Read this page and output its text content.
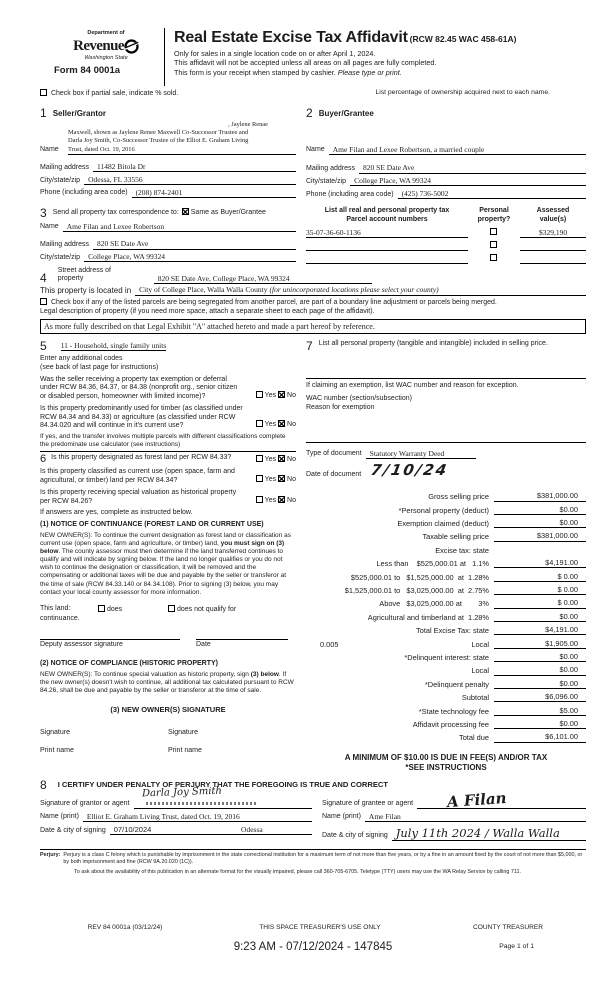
Department of
Revenue
Washington State
Form 84 0001a
Real Estate Excise Tax Affidavit (RCW 82.45 WAC 458-61A)
Only for sales in a single location code on or after April 1, 2024.
This affidavit will not be accepted unless all areas on all pages are fully completed.
This form is your receipt when stamped by cashier. Please type or print.
Check box if partial sale, indicate % sold.	List percentage of ownership acquired next to each name.
1 Seller/Grantor
Name
, Jaylene Renae
Maxwell, shown as Jaylene Renee Maxwell Co-Successor Trustee and
Darla Joy Smith, Co-Successor Trustee of the Elliot E. Graham Living
Trust, dated Oct. 19, 2016
Mailing address	11482 Bitola Dr
City/state/zip	Odessa, FL 33556
Phone (including area code)	(208) 874-2401
2 Buyer/Grantee
Name	Ame Filan and Lexee Robertson, a married couple
Mailing address	820 SE Date Ave
City/state/zip	College Place, WA 99324
Phone (including area code)	(425) 736-5002
3 Send all property tax correspondence to: ✕	Same as Buyer/Grantee
Name	Ame Filan and Lexee Robertson
Mailing address	820 SE Date Ave
City/state/zip	College Place, WA 99324
List all real and personal property tax
Parcel account numbers
Personal
property?
Assessed
value(s)
35-07-36-60-1136	$329,190
4
Street address of
property	820 SE Date Ave, College Place, WA 99324
This property is located in	City of College Place, Walla Walla County (for unincorporated locations please select your county)
Check box if any of the listed parcels are being segregated from another parcel, are part of a boundary line adjustment or parcels being merged.
Legal description of property (if you need more space, attach a separate sheet to each page of the affidavit).
As more fully described on that Legal Exhibit "A" attached hereto and made a part hereof by reference.
5 11 - Household, single family units
Enter any additional codes
(see back of last page for instructions)
Was the seller receiving a property tax exemption or deferral under RCW 84.36, 84.37, or 84.38 (nonprofit org., senior citizen or disabled person, homeowner with limited income)?	Yes ✕ No
Is this property predominantly used for timber (as classified under RCW 84.34 and 84.33) or agriculture (as classified under RCW 84.34.020 and will continue in it's current use?	Yes ✕ No
If yes, and the transfer involves multiple parcels with different classifications complete the predominate use calculator (see instructions)
6 Is this property designated as forest land per RCW 84.33?	Yes ✕ No
Is this property classified as current use (open space, farm and agricultural, or timber) land per RCW 84.34?	Yes ✕ No
Is this property receiving special valuation as historical property per RCW 84.26?	Yes ✕ No
If answers are yes, complete as instructed below.
(1) NOTICE OF CONTINUANCE (FOREST LAND OR CURRENT USE)
NEW OWNER(S): To continue the current designation as forest land or classification as current use (open space, farm and agriculture, or timber) land, you must sign on (3) below. The county assessor must then determine if the land transferred continues to qualify and will indicate by signing below. If the land no longer qualifies or you do not wish to continue the designation or classification, it will be removed and the compensating or additional taxes will be due and payable by the seller or transferor at the time of sale (RCW 84.33.140 or 84.34.108). Prior to signing (3) below, you may contact your local county assessor for more information.
This land:	does	does not qualify for
continuance.
Deputy assessor signature	Date
(2) NOTICE OF COMPLIANCE (HISTORIC PROPERTY)
NEW OWNER(S): To continue special valuation as historic property, sign (3) below. If the new owner(s) doesn't wish to continue, all additional tax calculated pursuant to RCW 84.26, shall be due and payable by the seller or transferor at the time of sale.
(3) NEW OWNER(S) SIGNATURE
Signature	Signature
Print name	Print name
7 List all personal property (tangible and intangible) included in selling price.
If claiming an exemption, list WAC number and reason for exception.
WAC number (section/subsection)
Reason for exemption
Type of document	Statutory Warranty Deed
Date of document 7/10/24
Gross selling price	$381,000.00
*Personal property (deduct)	$0.00
Exemption claimed (deduct)	$0.00
Taxable selling price	$381,000.00
Excise tax: state
Less than    $525,000.01 at   1.1%	$4,191.00
$525,000.01 to   $1,525,000.00  at  1.28%	$ 0.00
$1,525,000.01 to   $3,025,000.00  at  2.75%	$ 0.00
Above   $3,025,000.00 at        3%	$ 0.00
Agricultural and timberland at  1.28%	$0.00
Total Excise Tax: state	$4,191.00
0.005	Local	$1,905.00
*Delinquent interest: state	$0.00
Local	$0.00
*Delinquent penalty	$0.00
Subtotal	$6,096.00
*State technology fee	$5.00
Affidavit processing fee	$0.00
Total due	$6,101.00
A MINIMUM OF $10.00 IS DUE IN FEE(S) AND/OR TAX
*SEE INSTRUCTIONS
8 I CERTIFY UNDER PENALTY OF PERJURY THAT THE FOREGOING IS TRUE AND CORRECT
Signature of grantor or agent
Darla Joy Smith
Name (print)	Elliot E. Graham Living Trust, dated Oct. 19, 2016
Date & city of signing	07/10/2024	Odessa
Signature of grantee or agent A Filan
Name (print)	Ame Filan
Date & city of signing July 11th 2024 / Walla Walla
Perjury: Perjury is a class C felony which is punishable by imprisonment in the state correctional institution for a maximum term of not more than five years, or by a fine in an amount fixed by the court of not more than $5,000, or by both imprisonment and fine (RCW 9A.20.020 (1C)).
To ask about the availability of this publication in an alternate format for the visually impaired, please call 360-705-6705. Teletype (TTY) users may use the WA Relay Service by calling 711.
REV 84 0001a (03/12/24)	THIS SPACE TREASURER'S USE ONLY	COUNTY TREASURER
9:23 AM - 07/12/2024 - 147845	Page 1 of 1
